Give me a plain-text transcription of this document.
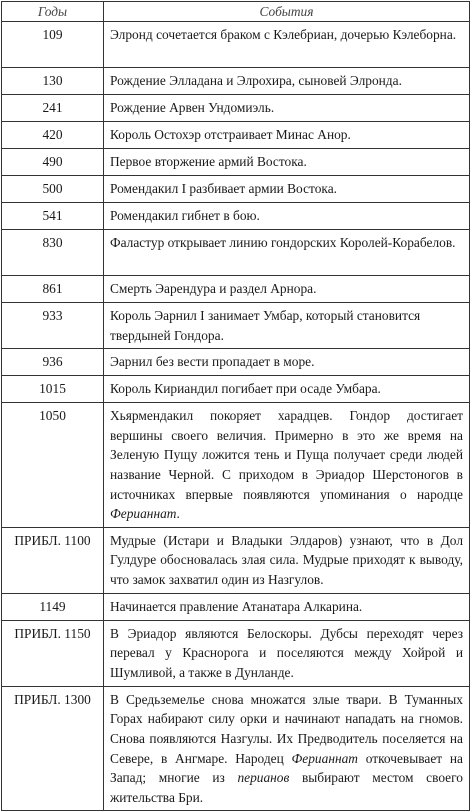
Годы	События
109	Элронд сочетается браком с Кэлебриан, дочерью Кэлеборна.
130	Рождение Элладана и Элрохира, сыновей Элронда.
241	Рождение Арвен Ундомиэль.
420	Король Остохэр отстраивает Минас Анор.
490	Первое вторжение армий Востока.
500	Ромендакил I разбивает армии Востока.
541	Ромендакил гибнет в бою.
830	Фаластур открывает линию гондорских Королей-Корабелов.
861	Смерть Эарендура и раздел Арнора.
933	Король Эарнил I занимает Умбар, который становится твердыней Гондора.
936	Эарнил без вести пропадает в море.
1015	Король Кириандил погибает при осаде Умбара.
1050	Хьярмендакил покоряет харадцев. Гондор достигает вершины своего величия. Примерно в это же время на Зеленую Пущу ложится тень и Пуща получает среди людей название Черной. С приходом в Эриадор Шерстоногов в источниках впервые появляются упоминания о народце Ферианнат.
ПРИБЛ. 1100	Мудрые (Истари и Владыки Элдаров) узнают, что в Дол Гулдуре обосновалась злая сила. Мудрые приходят к выводу, что замок захватил один из Назгулов.
1149	Начинается правление Атанатара Алкарина.
ПРИБЛ. 1150	В Эриадор являются Белоскоры. Дубсы переходят через перевал у Краснорога и поселяются между Хойрой и Шумливой, а также в Дунланде.
ПРИБЛ. 1300	В Средьземелье снова множатся злые твари. В Туманных Горах набирают силу орки и начинают нападать на гномов. Снова появляются Назгулы. Их Предводитель поселяется на Севере, в Ангмаре. Народец Ферианнат откочевывает на Запад; многие из перианов выбирают местом своего жительства Бри.
